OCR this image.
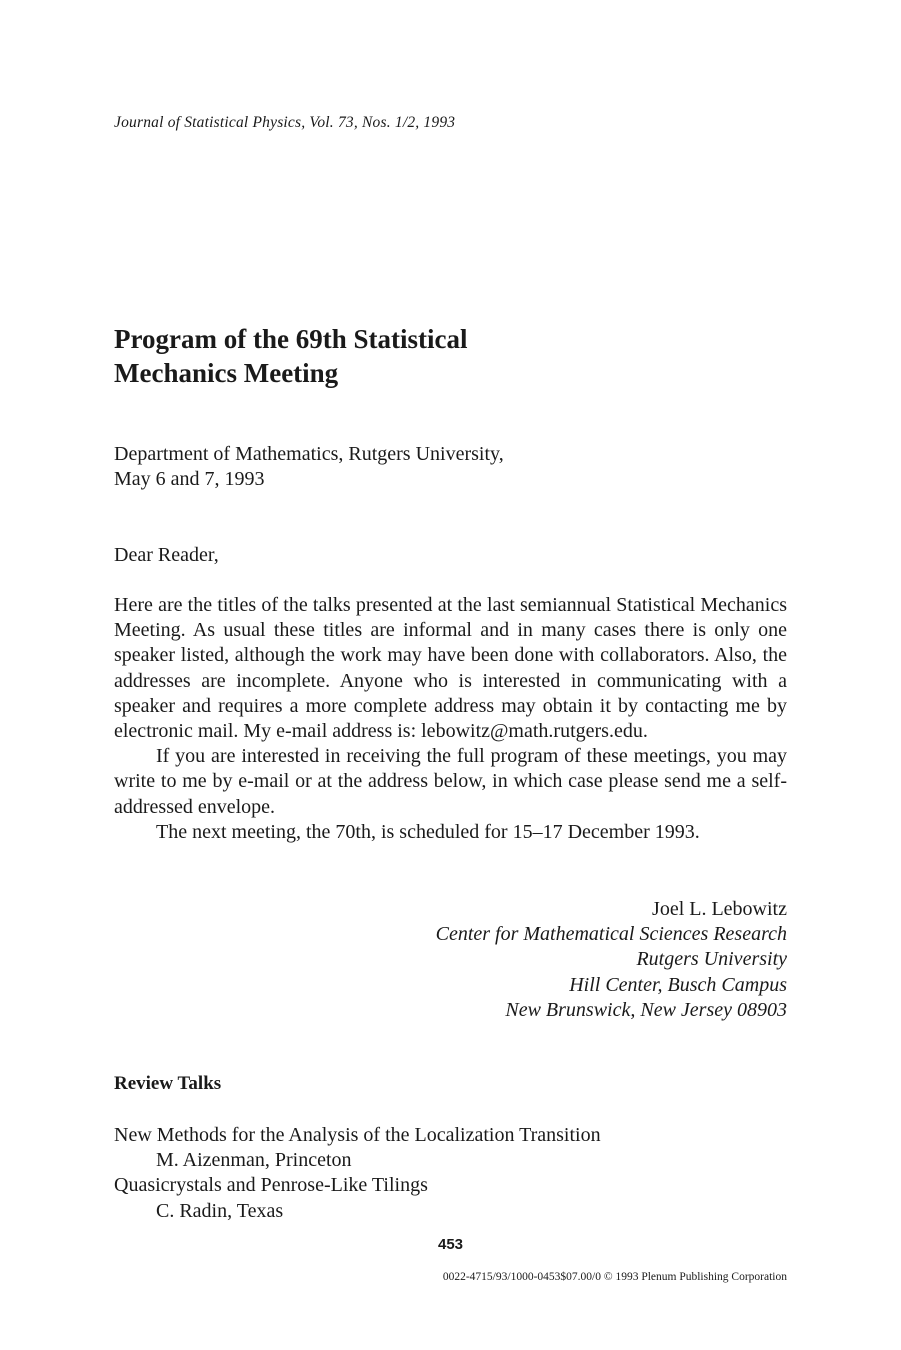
Journal of Statistical Physics, Vol. 73, Nos. 1/2, 1993
Program of the 69th Statistical
Mechanics Meeting
Department of Mathematics, Rutgers University,
May 6 and 7, 1993
Dear Reader,

Here are the titles of the talks presented at the last semiannual Statistical Mechanics Meeting. As usual these titles are informal and in many cases there is only one speaker listed, although the work may have been done with collaborators. Also, the addresses are incomplete. Anyone who is interested in communicating with a speaker and requires a more complete address may obtain it by contacting me by electronic mail. My e-mail address is: lebowitz@math.rutgers.edu.

If you are interested in receiving the full program of these meetings, you may write to me by e-mail or at the address below, in which case please send me a self-addressed envelope.

The next meeting, the 70th, is scheduled for 15–17 December 1993.

Joel L. Lebowitz
Center for Mathematical Sciences Research
Rutgers University
Hill Center, Busch Campus
New Brunswick, New Jersey 08903
Review Talks
New Methods for the Analysis of the Localization Transition
M. Aizenman, Princeton
Quasicrystals and Penrose-Like Tilings
C. Radin, Texas
453
0022-4715/93/1000-0453$07.00/0 © 1993 Plenum Publishing Corporation
